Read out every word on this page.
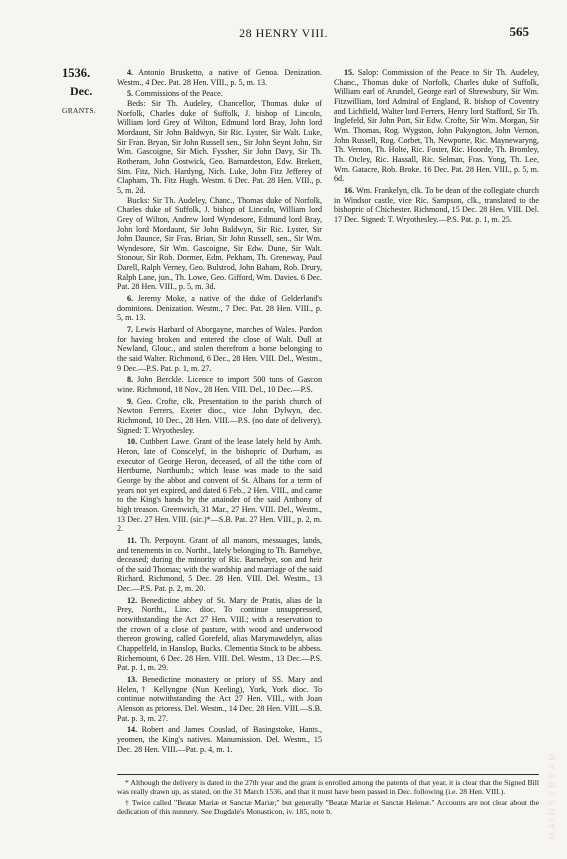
28 HENRY VIII.	565
1536.
Dec.
GRANTS.

4. Antonio Brusketto, a native of Genoa. Denization. Westm., 4 Dec. Pat. 28 Hen. VIII., p. 5, m. 13.

5. Commissions of the Peace.

Beds: Sir Th. Audeley, Chancellor, Thomas duke of Norfolk, Charles duke of Suffolk, J. bishop of Lincoln, William lord Grey of Wilton, Edmund lord Bray, John lord Mordaunt, Sir John Baldwyn, Sir Ric. Lyster, Sir Walt. Luke, Sir Fran. Bryan, Sir John Russell sen., Sir John Seynt John, Sir Wm. Gascoigne, Sir Mich. Fyssher, Sir John Davy, Sir Th. Rotheram, John Gostwick, Geo. Barnardeston, Edw. Brekett, Sim. Fitz, Nich. Hardyng, Nich. Luke, John Fitz Jefferey of Clapham, Th. Fitz Hugh. Westm. 6 Dec. Pat. 28 Hen. VIII., p. 5, m. 2d.

Bucks: Sir Th. Audeley, Chanc., Thomas duke of Norfolk, Charles duke of Suffolk, J. bishop of Lincoln, William lord Grey of Wilton, Andrew lord Wyndesore, Edmund lord Bray, John lord Mordaunt, Sir John Baldwyn, Sir Ric. Lyster, Sir John Daunce, Sir Fras. Brian, Sir John Russell, sen., Sir Wm. Wyndesore, Sir Wm. Gascoigne, Sir Edw. Dune, Sir Walt. Stonour, Sir Rob. Dormer, Edm. Pekham, Th. Greneway, Paul Darell, Ralph Verney, Geo. Bulstrod, John Babam, Rob. Drury, Ralph Lane, jun., Th. Lowe, Geo. Gifford, Wm. Davies. 6 Dec. Pat. 28 Hen. VIII., p. 5, m. 3d.

6. Jeremy Moke, a native of the duke of Gelderland's dominions. Denization. Westm., 7 Dec. Pat. 28 Hen. VIII., p. 5, m. 13.

7. Lewis Harbard of Aborgayne, marches of Wales. Pardon for having broken and entered the close of Walt. Dull at Newland, Glouc., and stolen therefrom a horse belonging to the said Walter. Richmond, 6 Dec., 28 Hen. VIII. Del., Westm., 9 Dec.—P.S. Pat. p. 1, m. 27.

8. John Berckle. Licence to import 500 tuns of Gascon wine. Richmond, 18 Nov., 28 Hen. VIII. Del., 10 Dec.—P.S.

9. Geo. Crofte, clk. Presentation to the parish church of Newton Ferrers, Exeter dioc., vice John Dylwyn, dec. Richmond, 10 Dec., 28 Hen. VIII.—P.S. (no date of delivery). Signed: T. Wryothesley.

10. Cuthbert Lawe. Grant of the lease lately held by Anth. Heron, late of Conscelyf, in the bishopric of Durham, as executor of George Heron, deceased, of all the tithe corn of Hertburne, Northumb.; which lease was made to the said George by the abbot and convent of St. Albans for a term of years not yet expired, and dated 6 Feb., 2 Hen. VIII., and came to the King's hands by the attainder of the said Anthony of high treason. Greenwich, 31 Mar., 27 Hen. VIII. Del., Westm., 13 Dec. 27 Hen. VIII. (sic.)*—S.B. Pat. 27 Hen. VIII., p. 2, m. 2.

11. Th. Perpoynt. Grant of all manors, messuages, lands, and tenements in co. Northt., lately belonging to Th. Barnebye, deceased; during the minority of Ric. Barnebye, son and heir of the said Thomas; with the wardship and marriage of the said Richard. Richmond, 5 Dec. 28 Hen. VIII. Del. Westm., 13 Dec.—P.S. Pat. p. 2, m. 20.

12. Benedictine abbey of St. Mary de Pratis, alias de la Prey, Northt., Linc. dioc. To continue unsuppressed, notwithstanding the Act 27 Hen. VIII.; with a reservation to the crown of a close of pasture, with wood and underwood thereon growing, called Gorefeld, alias Marymawdelyn, alias Chappelfeld, in Hanslop, Bucks. Clementia Stock to be abbess. Richemount, 6 Dec. 28 Hen. VIII. Del. Westm., 13 Dec.—P.S. Pat. p. 1, m. 29.

13. Benedictine monastery or priory of SS. Mary and Helen,† Kellyngne (Nun Keeling), York, York dioc. To continue notwithstanding the Act 27 Hen. VIII., with Joan Alenson as prioress. Del. Westm., 14 Dec. 28 Hen. VIII.—S.B. Pat. p. 3, m. 27.

14. Robert and James Couslad, of Basingstoke, Hants., yeomen, the King's natives. Manumission. Del. Westm., 15 Dec. 28 Hen. VIII.—Pat. p. 4, m. 1.

15. Salop: Commission of the Peace to Sir Th. Audeley, Chanc., Thomas duke of Norfolk, Charles duke of Suffolk, William earl of Arundel, George earl of Shrewsbury, Sir Wm. Fitzwilliam, lord Admiral of England, R. bishop of Coventry and Lichfield, Walter lord Ferrers, Henry lord Stafford, Sir Th. Inglefeld, Sir John Port, Sir Edw. Crofte, Sir Wm. Morgan, Sir Wm. Thomas, Rog. Wygston, John Pakyngton, John Vernon, John Russell, Rog. Corbet, Th. Newporte, Ric. Maynewaryng, Th. Vernon, Th. Holte, Ric. Foster, Ric. Hoorde, Th. Bromley, Th. Otcley, Ric. Hassall, Ric. Selman, Fras. Yong, Th. Lee, Wm. Gatacre, Rob. Broke. 16 Dec. Pat. 28 Hen. VIII., p. 5, m. 6d.

16. Wm. Frankelyn, clk. To be dean of the collegiate church in Windsor castle, vice Ric. Sampson, clk., translated to the bishopric of Chichester. Richmond, 15 Dec. 28 Hen. VIII. Del. 17 Dec. Signed: T. Wryothesley.—P.S. Pat. p. 1, m. 25.

* Although the delivery is dated in the 27th year and the grant is enrolled among the patents of that year, it is clear that the Signed Bill was really drawn up, as stated, on the 31 March 1536, and that it must have been passed in Dec. following (i.e. 28 Hen. VIII.).

† Twice called "Beatæ Mariæ et Sanctæ Mariæ;" but generally "Beatæ Mariæ et Sanctæ Helenæ." Accounts are not clear about the dedication of this nunnery. See Dugdale's Monasticon, iv. 185, note b.	MAINSTREAM
